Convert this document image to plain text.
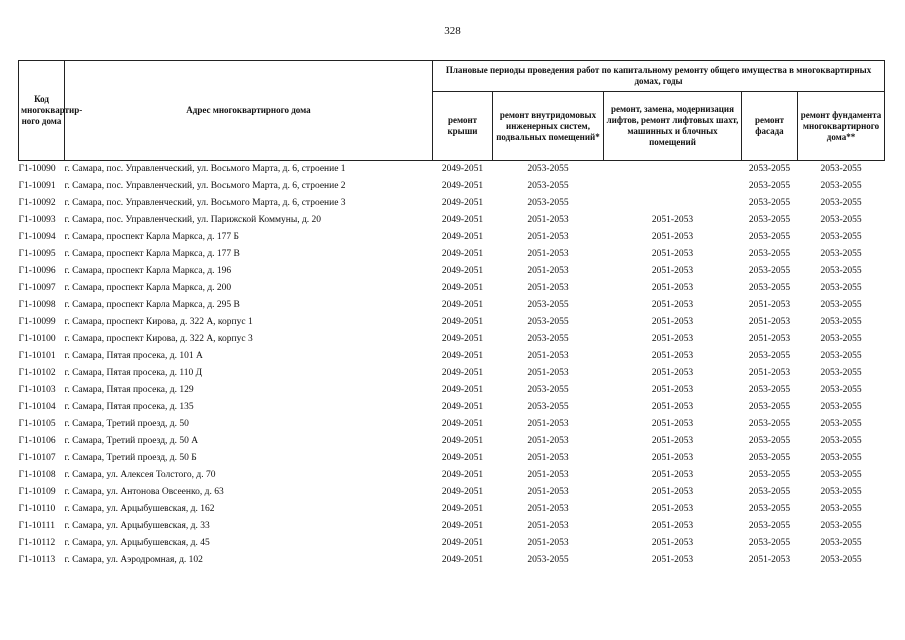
328
Код многоквартир-ного дома	Адрес многоквартирного дома	Плановые периоды проведения работ по капитальному ремонту общего имущества в многоквартирных домах, годы				
		ремонт крыши	ремонт внутридомовых инженерных систем, подвальных помещений*	ремонт, замена, модернизация лифтов, ремонт лифтовых шахт, машинных и блочных помещений	ремонт фасада	ремонт фундамента многоквартирного дома**
Г1-10090	г. Самара, пос. Управленческий, ул. Восьмого Марта, д. 6, строение 1	2049-2051	2053-2055		2053-2055	2053-2055
Г1-10091	г. Самара, пос. Управленческий, ул. Восьмого Марта, д. 6, строение 2	2049-2051	2053-2055		2053-2055	2053-2055
Г1-10092	г. Самара, пос. Управленческий, ул. Восьмого Марта, д. 6, строение 3	2049-2051	2053-2055		2053-2055	2053-2055
Г1-10093	г. Самара, пос. Управленческий, ул. Парижской Коммуны, д. 20	2049-2051	2051-2053	2051-2053	2053-2055	2053-2055
Г1-10094	г. Самара, проспект Карла Маркса, д. 177 Б	2049-2051	2051-2053	2051-2053	2053-2055	2053-2055
Г1-10095	г. Самара, проспект Карла Маркса, д. 177 В	2049-2051	2051-2053	2051-2053	2053-2055	2053-2055
Г1-10096	г. Самара, проспект Карла Маркса, д. 196	2049-2051	2051-2053	2051-2053	2053-2055	2053-2055
Г1-10097	г. Самара, проспект Карла Маркса, д. 200	2049-2051	2051-2053	2051-2053	2053-2055	2053-2055
Г1-10098	г. Самара, проспект Карла Маркса, д. 295 В	2049-2051	2053-2055	2051-2053	2051-2053	2053-2055
Г1-10099	г. Самара, проспект Кирова, д. 322 А, корпус 1	2049-2051	2053-2055	2051-2053	2051-2053	2053-2055
Г1-10100	г. Самара, проспект Кирова, д. 322 А, корпус 3	2049-2051	2053-2055	2051-2053	2051-2053	2053-2055
Г1-10101	г. Самара, Пятая просека, д. 101 А	2049-2051	2051-2053	2051-2053	2053-2055	2053-2055
Г1-10102	г. Самара, Пятая просека, д. 110 Д	2049-2051	2051-2053	2051-2053	2051-2053	2053-2055
Г1-10103	г. Самара, Пятая просека, д. 129	2049-2051	2053-2055	2051-2053	2053-2055	2053-2055
Г1-10104	г. Самара, Пятая просека, д. 135	2049-2051	2053-2055	2051-2053	2053-2055	2053-2055
Г1-10105	г. Самара, Третий проезд, д. 50	2049-2051	2051-2053	2051-2053	2053-2055	2053-2055
Г1-10106	г. Самара, Третий проезд, д. 50 А	2049-2051	2051-2053	2051-2053	2053-2055	2053-2055
Г1-10107	г. Самара, Третий проезд, д. 50 Б	2049-2051	2051-2053	2051-2053	2053-2055	2053-2055
Г1-10108	г. Самара, ул. Алексея Толстого, д. 70	2049-2051	2051-2053	2051-2053	2053-2055	2053-2055
Г1-10109	г. Самара, ул. Антонова Овсеенко, д. 63	2049-2051	2051-2053	2051-2053	2053-2055	2053-2055
Г1-10110	г. Самара, ул. Арцыбушевская, д. 162	2049-2051	2051-2053	2051-2053	2053-2055	2053-2055
Г1-10111	г. Самара, ул. Арцыбушевская, д. 33	2049-2051	2051-2053	2051-2053	2053-2055	2053-2055
Г1-10112	г. Самара, ул. Арцыбушевская, д. 45	2049-2051	2051-2053	2051-2053	2053-2055	2053-2055
Г1-10113	г. Самара, ул. Аэродромная, д. 102	2049-2051	2053-2055	2051-2053	2051-2053	2053-2055
